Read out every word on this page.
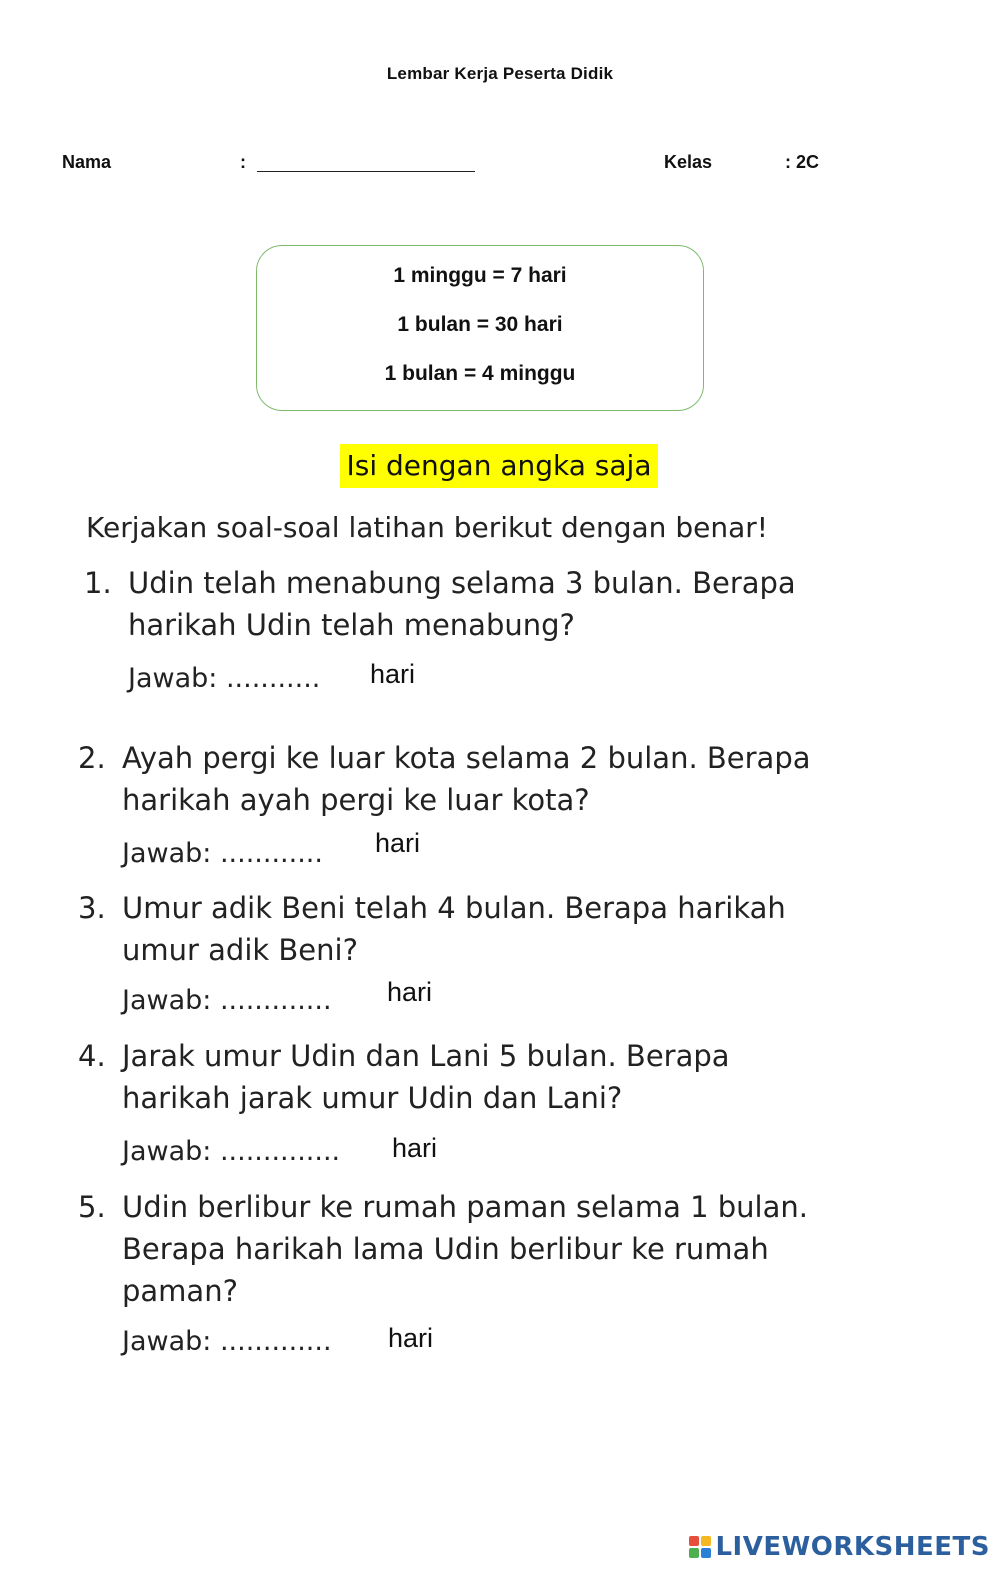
Lembar Kerja Peserta Didik
Nama	:	Kelas	: 2C
1 minggu = 7 hari
1 bulan = 30 hari
1 bulan = 4 minggu
Isi dengan angka saja
Kerjakan soal-soal latihan berikut dengan benar!
1. Udin telah menabung selama 3 bulan. Berapa
harikah Udin telah menabung?
Jawab: ........... hari
2. Ayah pergi ke luar kota selama 2 bulan. Berapa
harikah ayah pergi ke luar kota?
Jawab: ............ hari
3. Umur adik Beni telah 4 bulan. Berapa harikah
umur adik Beni?
Jawab: ............. hari
4. Jarak umur Udin dan Lani 5 bulan. Berapa
harikah jarak umur Udin dan Lani?
Jawab: .............. hari
5. Udin berlibur ke rumah paman selama 1 bulan.
Berapa harikah lama Udin berlibur ke rumah
paman?
Jawab: ............. hari
LIVEWORKSHEETS
